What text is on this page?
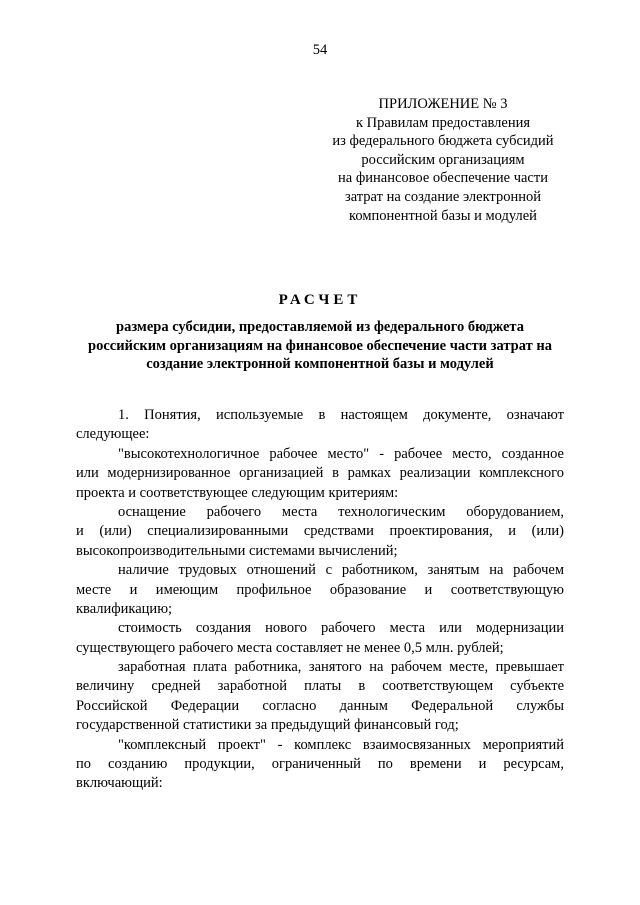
54
ПРИЛОЖЕНИЕ № 3
к Правилам предоставления
из федерального бюджета субсидий
российским организациям
на финансовое обеспечение части
затрат на создание электронной
компонентной базы и модулей
РАСЧЕТ
размера субсидии, предоставляемой из федерального бюджета
российским организациям на финансовое обеспечение части затрат на
создание электронной компонентной базы и модулей
1. Понятия, используемые в настоящем документе, означают
следующее:
"высокотехнологичное рабочее место" - рабочее место, созданное
или модернизированное организацией в рамках реализации комплексного
проекта и соответствующее следующим критериям:
оснащение рабочего места технологическим оборудованием,
и (или) специализированными средствами проектирования, и (или)
высокопроизводительными системами вычислений;
наличие трудовых отношений с работником, занятым на рабочем
месте и имеющим профильное образование и соответствующую
квалификацию;
стоимость создания нового рабочего места или модернизации
существующего рабочего места составляет не менее 0,5 млн. рублей;
заработная плата работника, занятого на рабочем месте, превышает
величину средней заработной платы в соответствующем субъекте
Российской Федерации согласно данным Федеральной службы
государственной статистики за предыдущий финансовый год;
"комплексный проект" - комплекс взаимосвязанных мероприятий
по созданию продукции, ограниченный по времени и ресурсам,
включающий:
